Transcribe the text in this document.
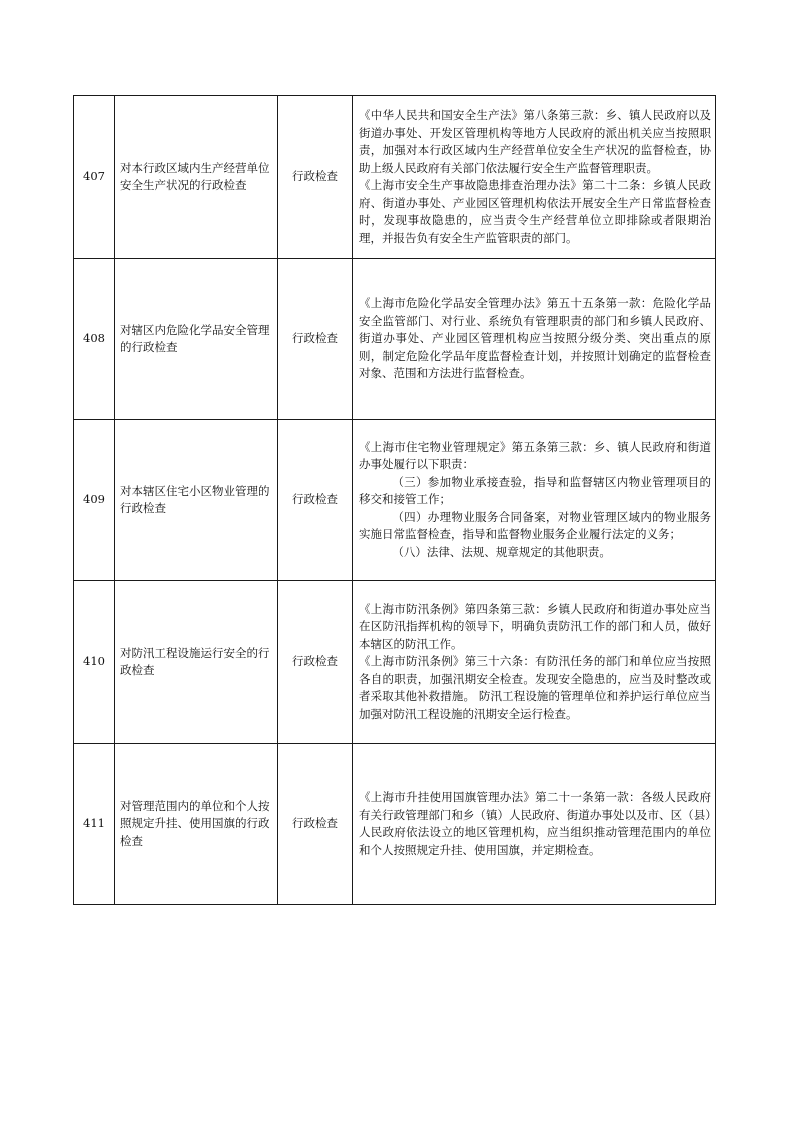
407	对本行政区域内生产经营单位安全生产状况的行政检查	行政检查	《中华人民共和国安全生产法》第八条第三款：乡、镇人民政府以及街道办事处、开发区管理机构等地方人民政府的派出机关应当按照职责，加强对本行政区域内生产经营单位安全生产状况的监督检查，协助上级人民政府有关部门依法履行安全生产监督管理职责。
《上海市安全生产事故隐患排查治理办法》第二十二条：乡镇人民政府、街道办事处、产业园区管理机构依法开展安全生产日常监督检查时，发现事故隐患的，应当责令生产经营单位立即排除或者限期治理，并报告负有安全生产监管职责的部门。

408	对辖区内危险化学品安全管理的行政检查	行政检查	《上海市危险化学品安全管理办法》第五十五条第一款：危险化学品安全监管部门、对行业、系统负有管理职责的部门和乡镇人民政府、街道办事处、产业园区管理机构应当按照分级分类、突出重点的原则，制定危险化学品年度监督检查计划，并按照计划确定的监督检查对象、范围和方法进行监督检查。

409	对本辖区住宅小区物业管理的行政检查	行政检查	《上海市住宅物业管理规定》第五条第三款：乡、镇人民政府和街道办事处履行以下职责：
（三）参加物业承接查验，指导和监督辖区内物业管理项目的移交和接管工作；
（四）办理物业服务合同备案，对物业管理区域内的物业服务实施日常监督检查，指导和监督物业服务企业履行法定的义务；
（八）法律、法规、规章规定的其他职责。

410	对防汛工程设施运行安全的行政检查	行政检查	《上海市防汛条例》第四条第三款：乡镇人民政府和街道办事处应当在区防汛指挥机构的领导下，明确负责防汛工作的部门和人员，做好本辖区的防汛工作。
《上海市防汛条例》第三十六条：有防汛任务的部门和单位应当按照各自的职责，加强汛期安全检查。发现安全隐患的，应当及时整改或者采取其他补救措施。 防汛工程设施的管理单位和养护运行单位应当加强对防汛工程设施的汛期安全运行检查。

411	对管理范围内的单位和个人按照规定升挂、使用国旗的行政检查	行政检查	《上海市升挂使用国旗管理办法》第二十一条第一款：各级人民政府有关行政管理部门和乡（镇）人民政府、街道办事处以及市、区（县）人民政府依法设立的地区管理机构，应当组织推动管理范围内的单位和个人按照规定升挂、使用国旗，并定期检查。
